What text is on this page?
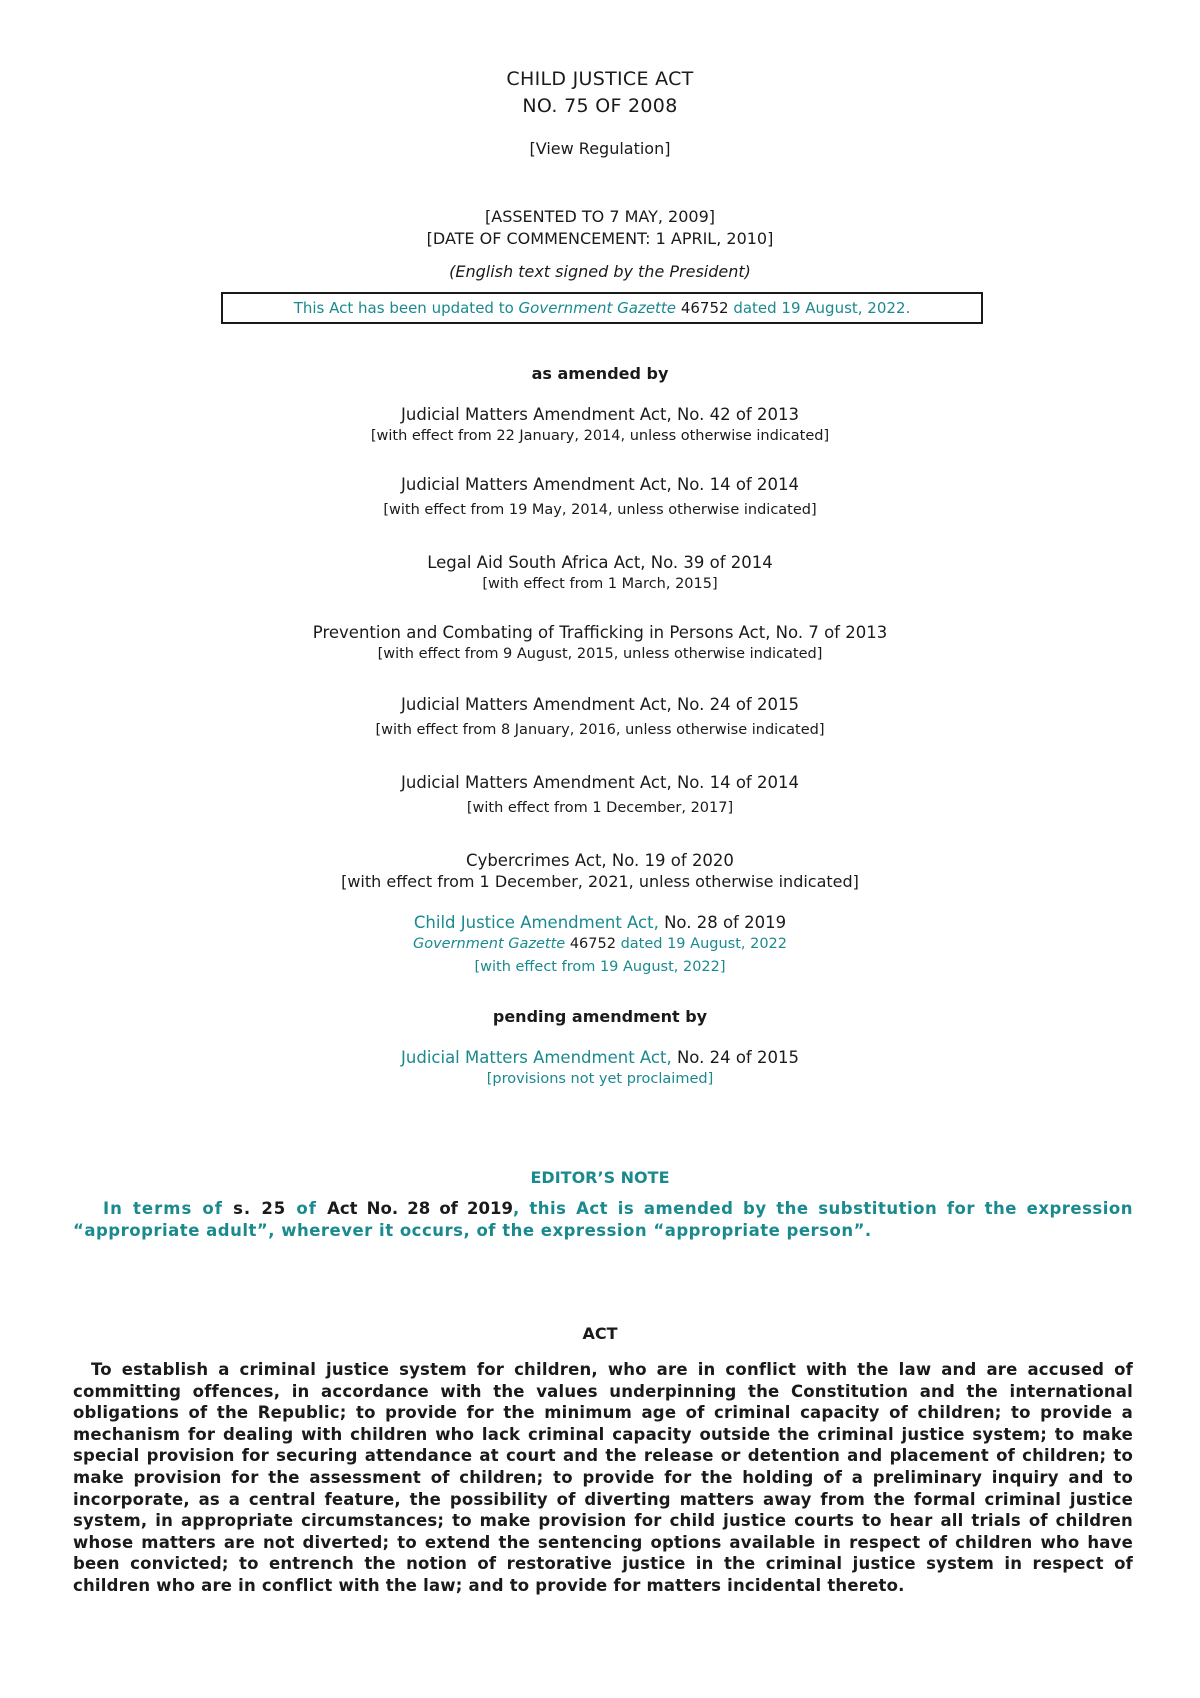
CHILD JUSTICE ACT
NO. 75 OF 2008
[View Regulation]
[ASSENTED TO 7 MAY, 2009]
[DATE OF COMMENCEMENT: 1 APRIL, 2010]
(English text signed by the President)
This Act has been updated to Government Gazette 46752 dated 19 August, 2022.
as amended by
Judicial Matters Amendment Act, No. 42 of 2013
[with effect from 22 January, 2014, unless otherwise indicated]
Judicial Matters Amendment Act, No. 14 of 2014
[with effect from 19 May, 2014, unless otherwise indicated]
Legal Aid South Africa Act, No. 39 of 2014
[with effect from 1 March, 2015]
Prevention and Combating of Trafficking in Persons Act, No. 7 of 2013
[with effect from 9 August, 2015, unless otherwise indicated]
Judicial Matters Amendment Act, No. 24 of 2015
[with effect from 8 January, 2016, unless otherwise indicated]
Judicial Matters Amendment Act, No. 14 of 2014
[with effect from 1 December, 2017]
Cybercrimes Act, No. 19 of 2020
[with effect from 1 December, 2021, unless otherwise indicated]
Child Justice Amendment Act, No. 28 of 2019
Government Gazette 46752 dated 19 August, 2022
[with effect from 19 August, 2022]
pending amendment by
Judicial Matters Amendment Act, No. 24 of 2015
[provisions not yet proclaimed]
EDITOR’S NOTE
In terms of s. 25 of Act No. 28 of 2019, this Act is amended by the substitution for the expression “appropriate adult”, wherever it occurs, of the expression “appropriate person”.
ACT
To establish a criminal justice system for children, who are in conflict with the law and are accused of committing offences, in accordance with the values underpinning the Constitution and the international obligations of the Republic; to provide for the minimum age of criminal capacity of children; to provide a mechanism for dealing with children who lack criminal capacity outside the criminal justice system; to make special provision for securing attendance at court and the release or detention and placement of children; to make provision for the assessment of children; to provide for the holding of a preliminary inquiry and to incorporate, as a central feature, the possibility of diverting matters away from the formal criminal justice system, in appropriate circumstances; to make provision for child justice courts to hear all trials of children whose matters are not diverted; to extend the sentencing options available in respect of children who have been convicted; to entrench the notion of restorative justice in the criminal justice system in respect of children who are in conflict with the law; and to provide for matters incidental thereto.
